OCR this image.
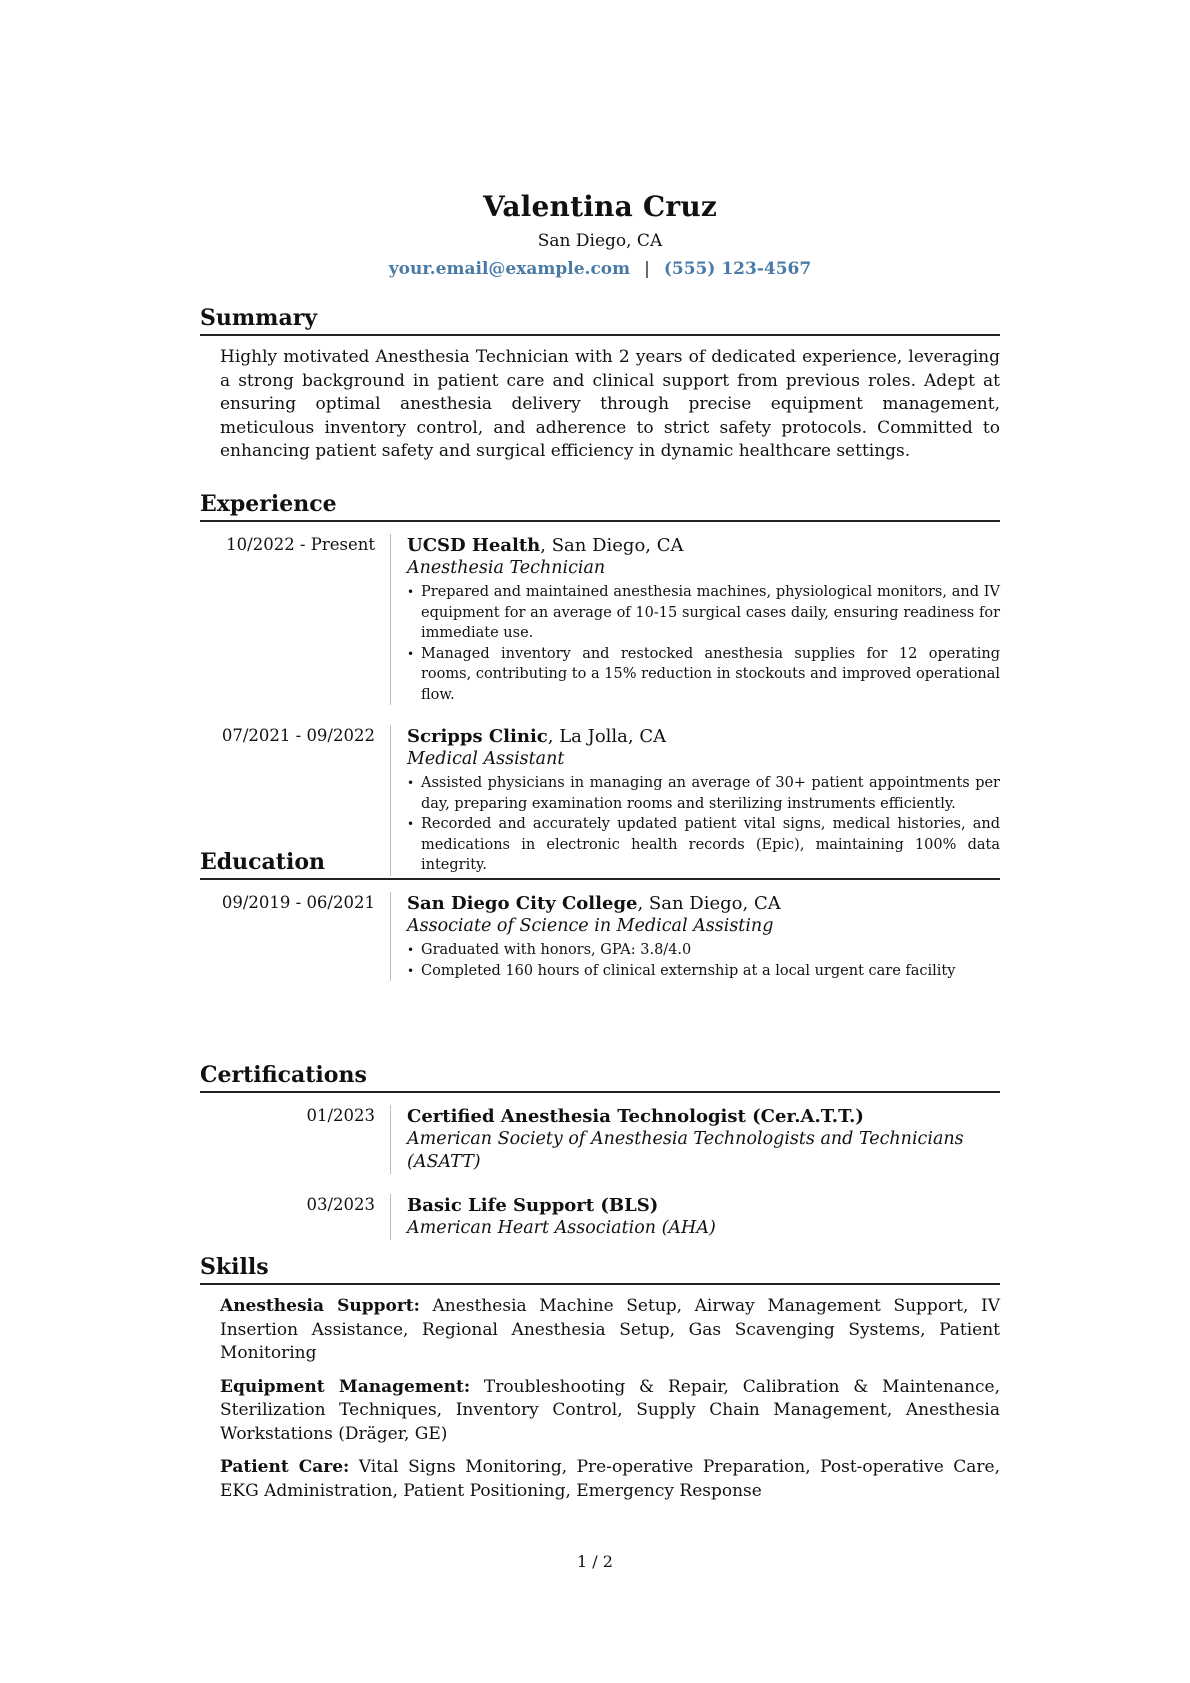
Valentina Cruz
San Diego, CA
your.email@example.com | (555) 123-4567
Summary
Highly motivated Anesthesia Technician with 2 years of dedicated experience, leveraging a strong background in patient care and clinical support from previous roles. Adept at ensuring optimal anesthesia delivery through precise equipment management, meticulous inventory control, and adherence to strict safety protocols. Committed to enhancing patient safety and surgical efficiency in dynamic healthcare settings.
Experience
10/2022 - Present UCSD Health, San Diego, CA
Anesthesia Technician
• Prepared and maintained anesthesia machines, physiological monitors, and IV equipment for an average of 10-15 surgical cases daily, ensuring readiness for immediate use.
• Managed inventory and restocked anesthesia supplies for 12 operating rooms, contributing to a 15% reduction in stockouts and improved operational flow.
07/2021 - 09/2022 Scripps Clinic, La Jolla, CA
Medical Assistant
• Assisted physicians in managing an average of 30+ patient appointments per day, preparing examination rooms and sterilizing instruments efficiently.
• Recorded and accurately updated patient vital signs, medical histories, and medications in electronic health records (Epic), maintaining 100% data integrity.
Education
09/2019 - 06/2021 San Diego City College, San Diego, CA
Associate of Science in Medical Assisting
• Graduated with honors, GPA: 3.8/4.0
• Completed 160 hours of clinical externship at a local urgent care facility
Certifications
01/2023 Certified Anesthesia Technologist (Cer.A.T.T.)
American Society of Anesthesia Technologists and Technicians (ASATT)
03/2023 Basic Life Support (BLS)
American Heart Association (AHA)
Skills
Anesthesia Support: Anesthesia Machine Setup, Airway Management Support, IV Insertion Assistance, Regional Anesthesia Setup, Gas Scavenging Systems, Patient Monitoring
Equipment Management: Troubleshooting & Repair, Calibration & Maintenance, Sterilization Techniques, Inventory Control, Supply Chain Management, Anesthesia Workstations (Dräger, GE)
Patient Care: Vital Signs Monitoring, Pre-operative Preparation, Post-operative Care, EKG Administration, Patient Positioning, Emergency Response
1 / 2
